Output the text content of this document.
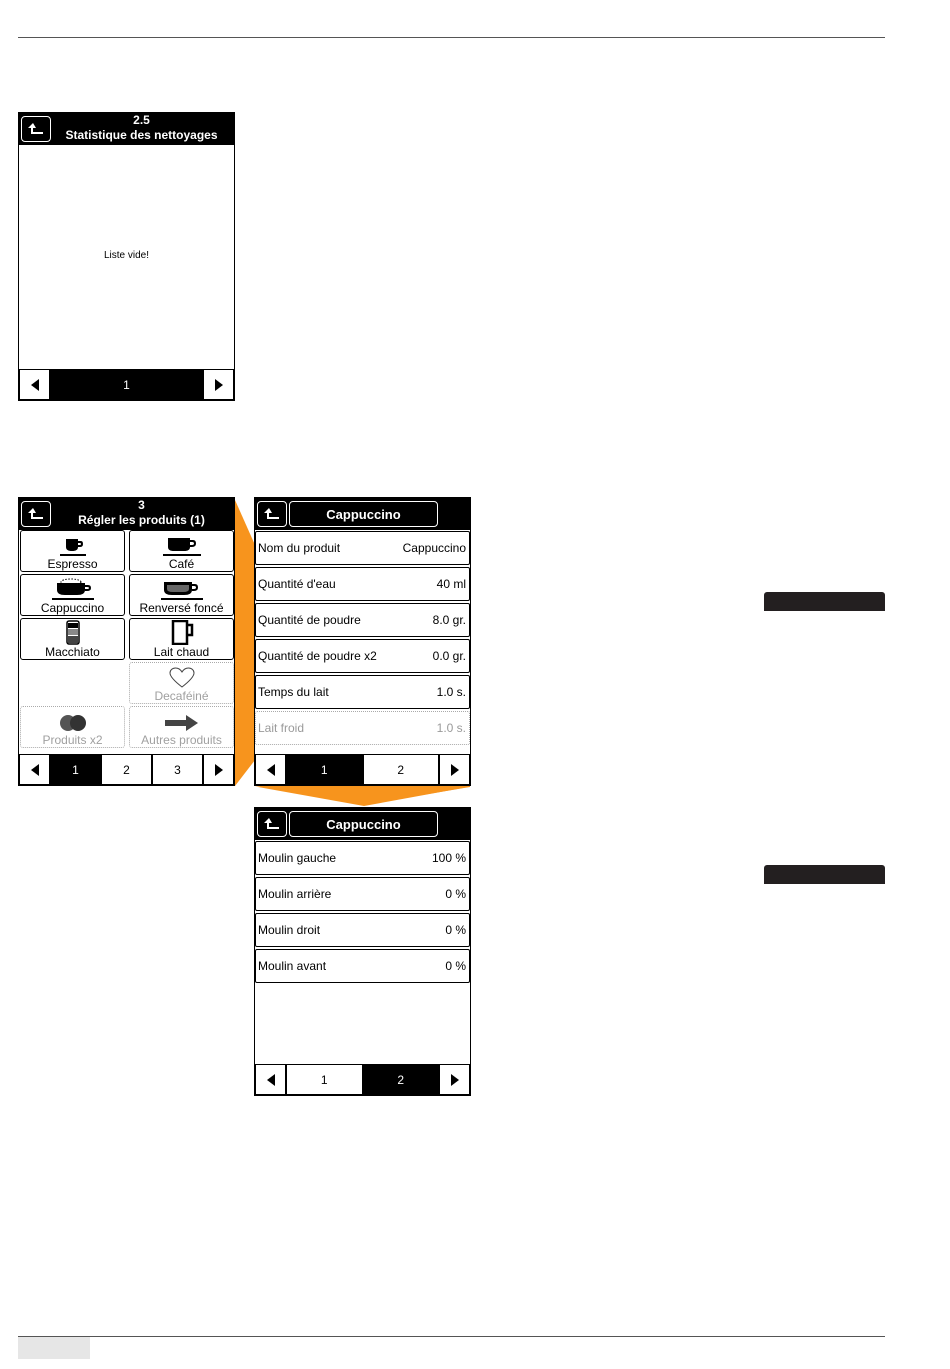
2.5
Statistique des nettoyages
Liste vide!
1
3
Régler les produits (1)
Espresso	Café
Cappuccino	Renversé foncé
Macchiato	Lait chaud
Decaféiné
Produits x2	Autres produits
1	2	3
Cappuccino
Nom du produit	Cappuccino
Quantité d'eau	40 ml
Quantité de poudre	8.0 gr.
Quantité de poudre x2	0.0 gr.
Temps du lait	1.0 s.
Lait froid	1.0 s.
1	2
Cappuccino
Moulin gauche	100 %
Moulin arrière	0 %
Moulin droit	0 %
Moulin avant	0 %
1	2
